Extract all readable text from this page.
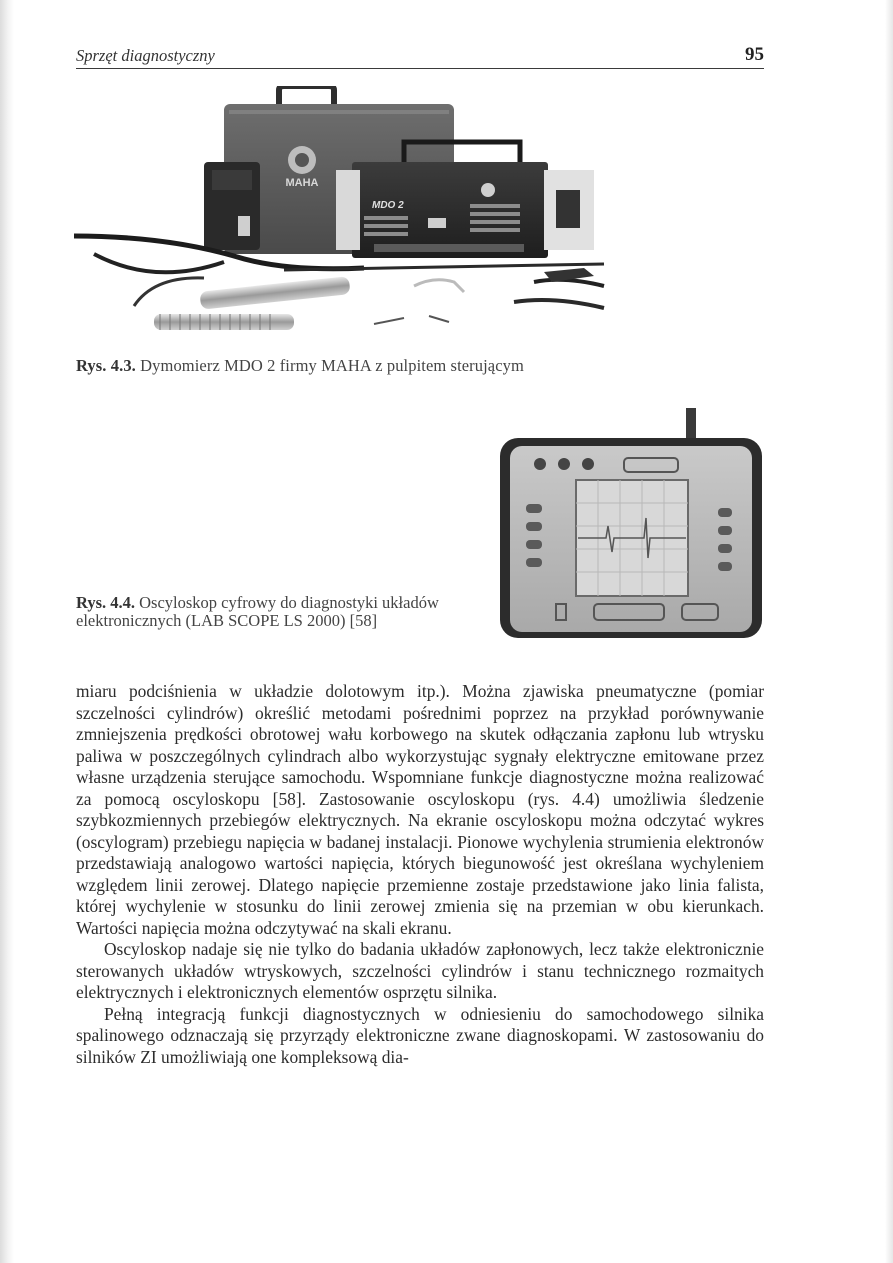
Sprzęt diagnostyczny	95
MAHA
MDO 2
Rys. 4.3. Dymomierz MDO 2 firmy MAHA z pulpitem sterującym
Rys. 4.4. Oscyloskop cyfrowy do diagnostyki układów elektronicznych (LAB SCOPE LS 2000) [58]

miaru podciśnienia w układzie dolotowym itp.). Można zjawiska pneumatyczne (pomiar szczelności cylindrów) określić metodami pośrednimi poprzez na przykład porównywanie zmniejszenia prędkości obrotowej wału korbowego na skutek odłączania zapłonu lub wtrysku paliwa w poszczególnych cylindrach albo wykorzystując sygnały elektryczne emitowane przez własne urządzenia sterujące samochodu. Wspomniane funkcje diagnostyczne można realizować za pomocą oscyloskopu [58]. Zastosowanie oscyloskopu (rys. 4.4) umożliwia śledzenie szybkozmiennych przebiegów elektrycznych. Na ekranie oscyloskopu można odczytać wykres (oscylogram) przebiegu napięcia w badanej instalacji. Pionowe wychylenia strumienia elektronów przedstawiają analogowo wartości napięcia, których biegunowość jest określana wychyleniem względem linii zerowej. Dlatego napięcie przemienne zostaje przedstawione jako linia falista, której wychylenie w stosunku do linii zerowej zmienia się na przemian w obu kierunkach. Wartości napięcia można odczytywać na skali ekranu.

Oscyloskop nadaje się nie tylko do badania układów zapłonowych, lecz także elektronicznie sterowanych układów wtryskowych, szczelności cylindrów i stanu technicznego rozmaitych elektrycznych i elektronicznych elementów osprzętu silnika.

Pełną integracją funkcji diagnostycznych w odniesieniu do samochodowego silnika spalinowego odznaczają się przyrządy elektroniczne zwane diagnoskopami. W zastosowaniu do silników ZI umożliwiają one kompleksową dia-
